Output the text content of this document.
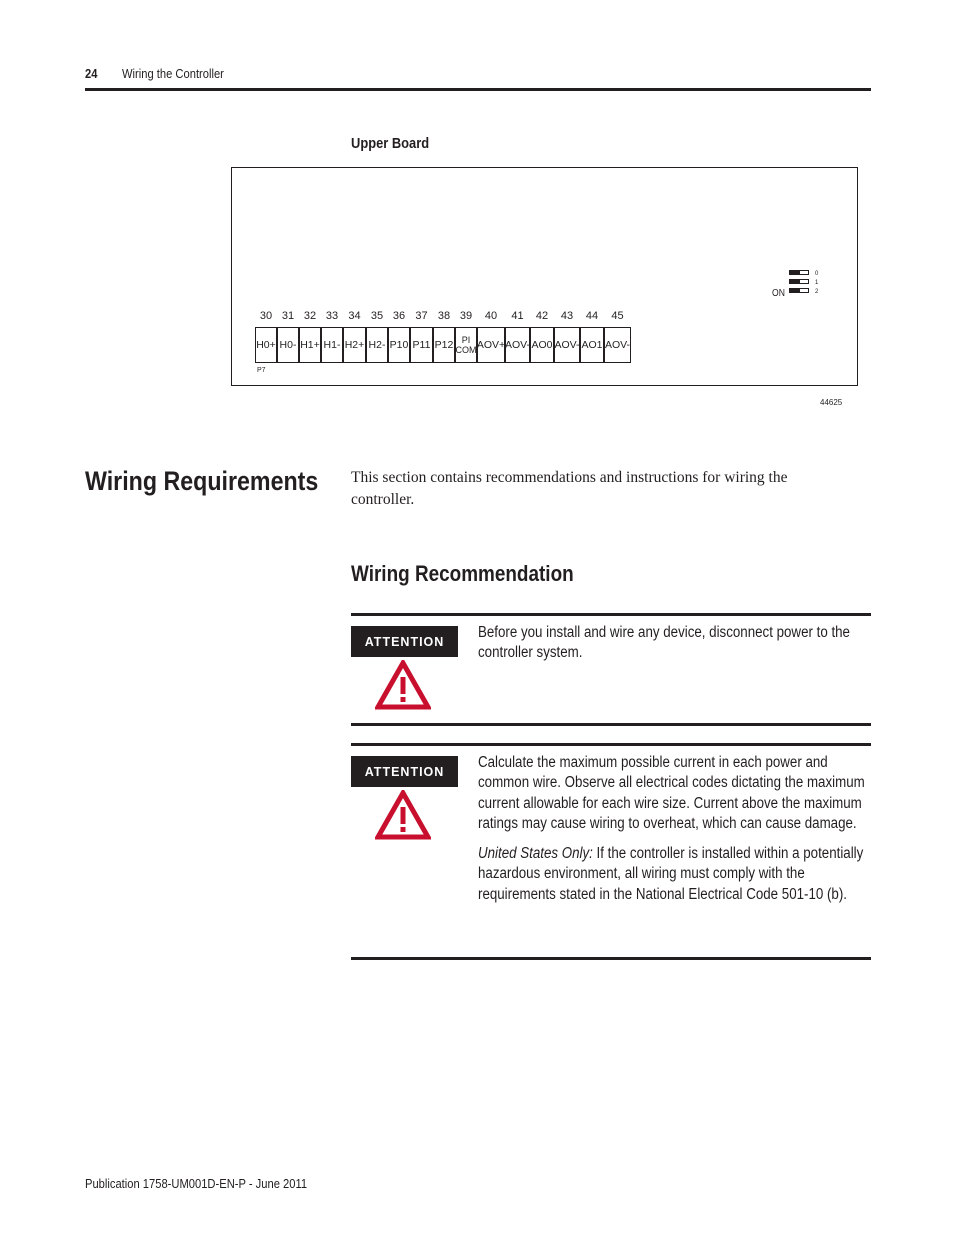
24 Wiring the Controller
Upper Board
30
H0+
31
H0-
32
H1+
33
H1-
34
H2+
35
H2-
36
P10
37
P11
38
P12
39
PI
COM
40
AOV+
41
AOV-
42
AO0
43
AOV-
44
AO1
45
AOV-
P7
ON
0
1
2
44625
Wiring Requirements This section contains recommendations and instructions for wiring the controller.
Wiring Recommendation
ATTENTION

Before you install and wire any device, disconnect power to the controller system.

ATTENTION

Calculate the maximum possible current in each power and common wire. Observe all electrical codes dictating the maximum current allowable for each wire size. Current above the maximum ratings may cause wiring to overheat, which can cause damage.

United States Only: If the controller is installed within a potentially hazardous environment, all wiring must comply with the requirements stated in the National Electrical Code 501-10 (b).

Publication 1758-UM001D-EN-P - June 2011
